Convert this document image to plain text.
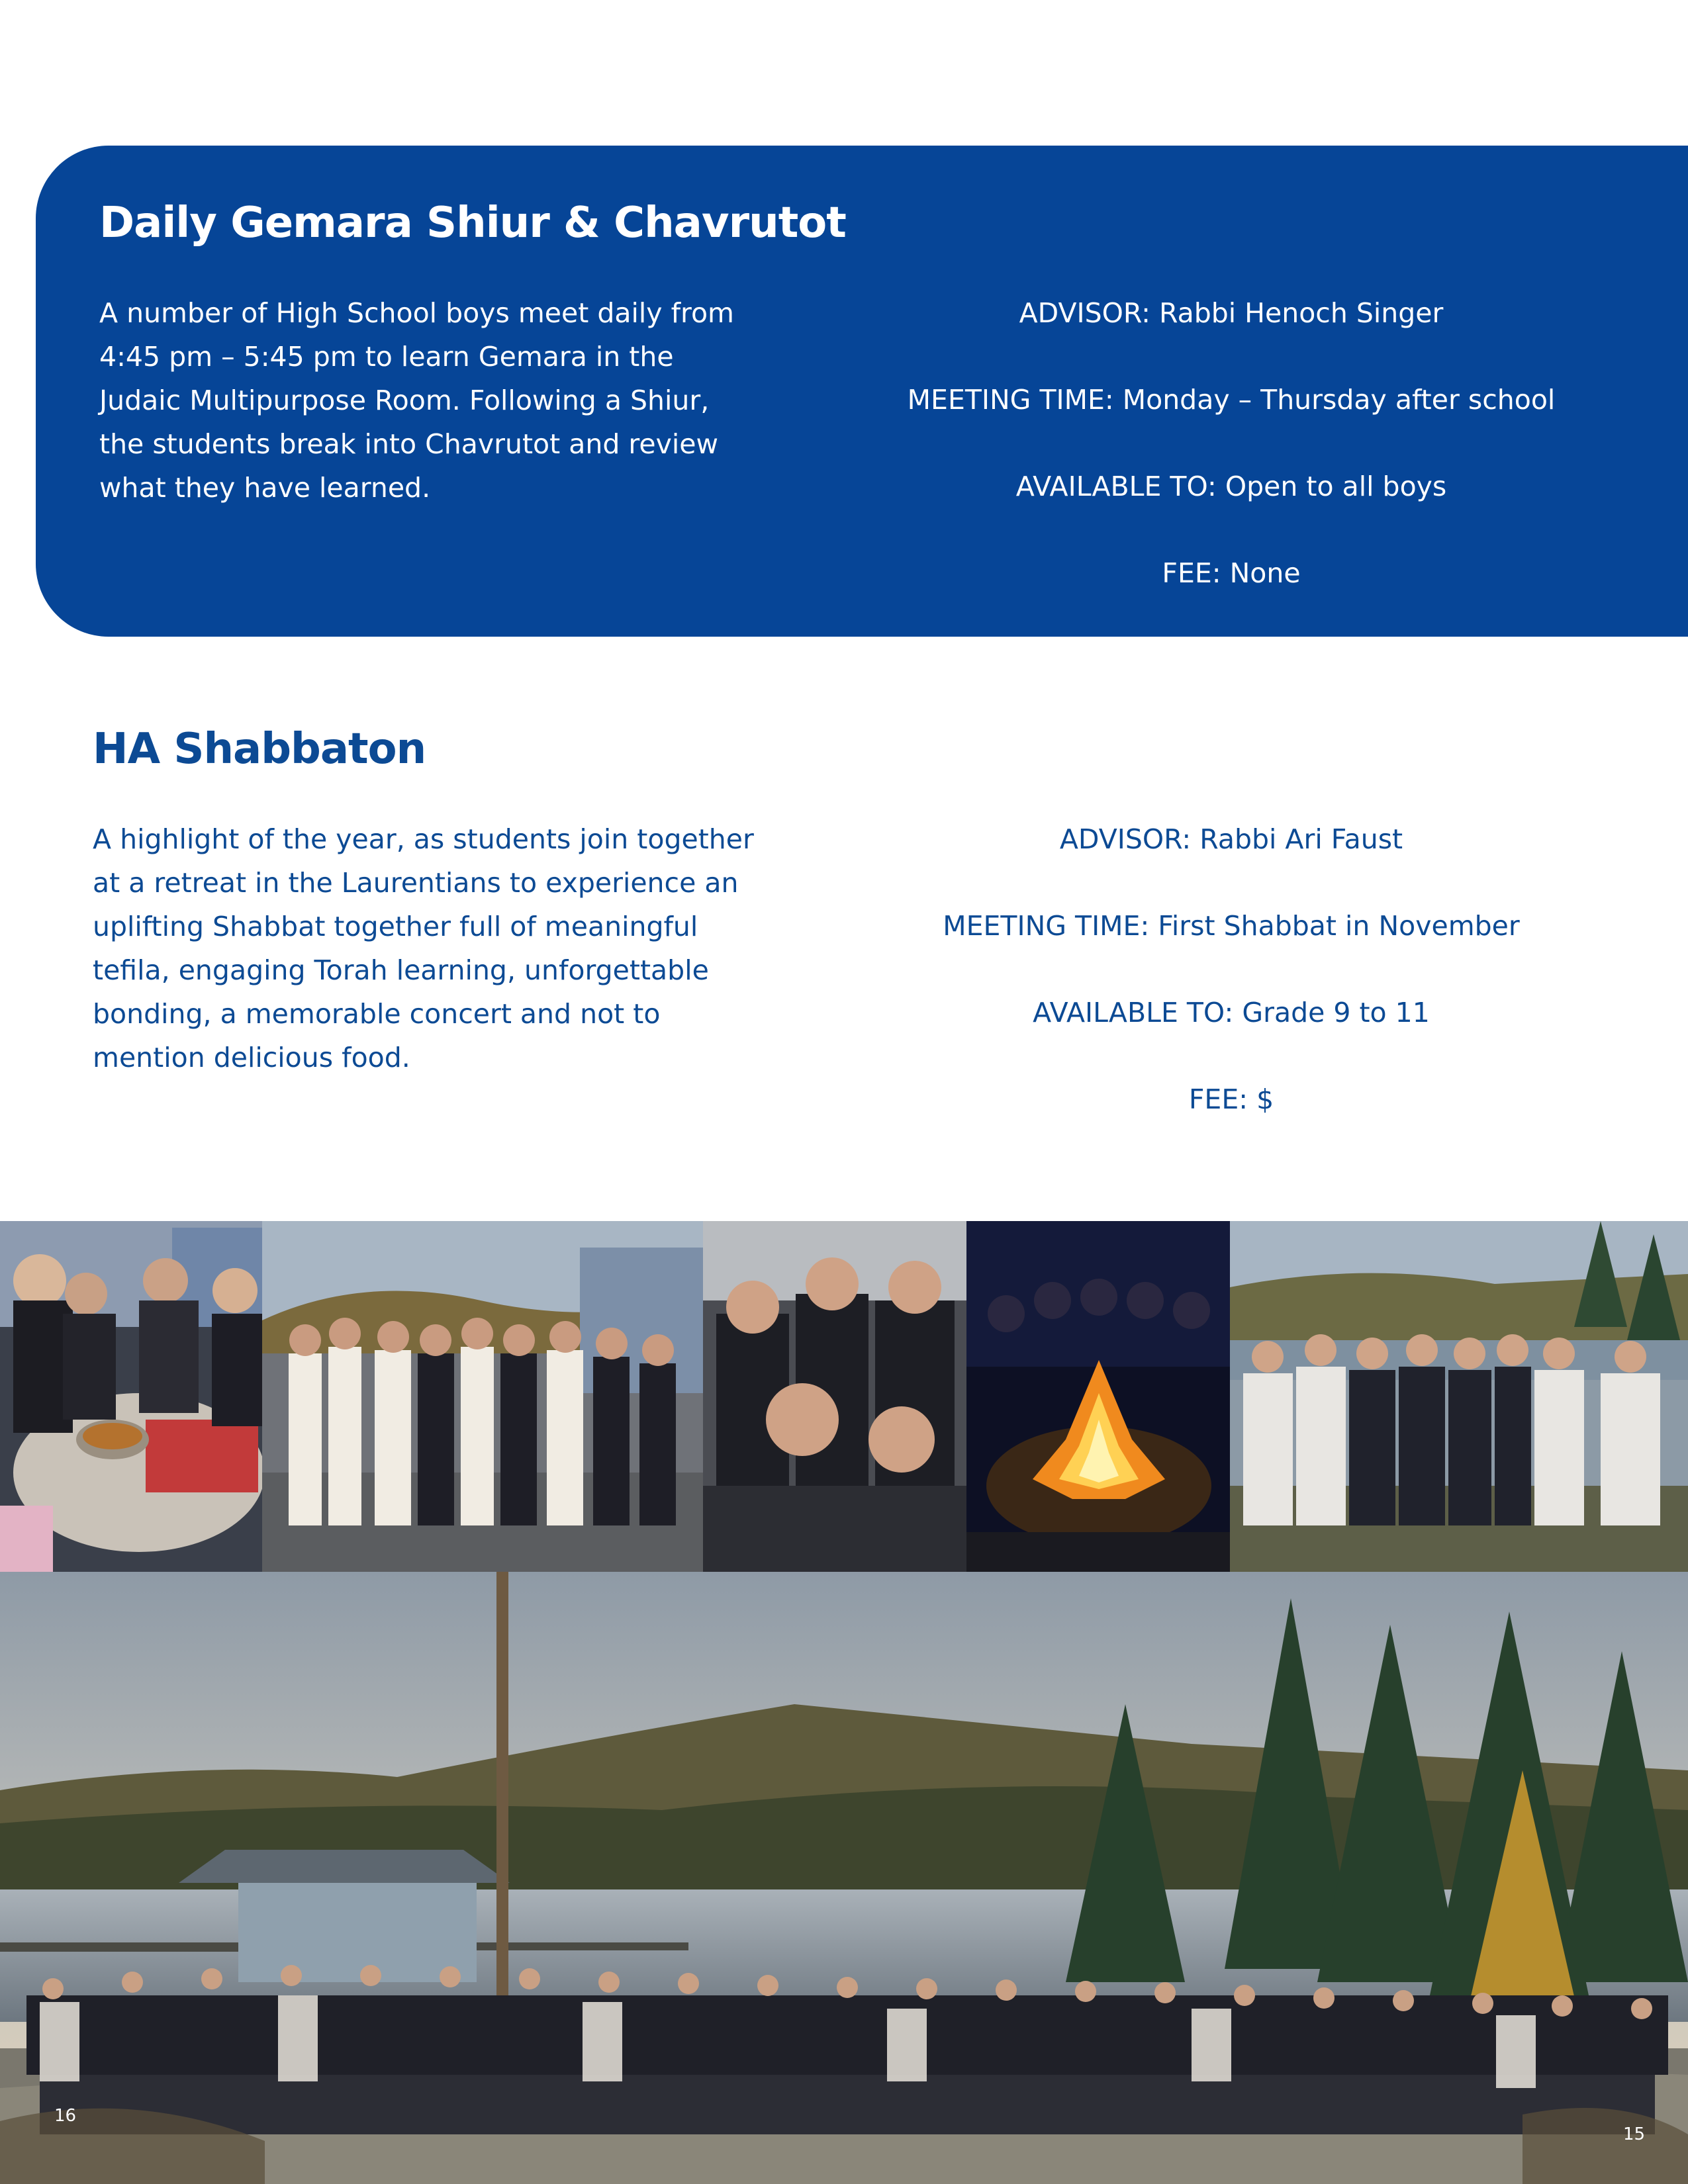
Daily Gemara Shiur & Chavrutot

A number of High School boys meet daily from 4:45 pm – 5:45 pm to learn Gemara in the Judaic Multipurpose Room. Following a Shiur, the students break into Chavrutot and review what they have learned.

ADVISOR: Rabbi Henoch Singer
MEETING TIME: Monday – Thursday after school
AVAILABLE TO: Open to all boys
FEE: None
HA Shabbaton

A highlight of the year, as students join together at a retreat in the Laurentians to experience an uplifting Shabbat together full of meaningful tefila, engaging Torah learning, unforgettable bonding, a memorable concert and not to mention delicious food.

ADVISOR: Rabbi Ari Faust
MEETING TIME: First Shabbat in November
AVAILABLE TO: Grade 9 to 11
FEE: $
16
15
